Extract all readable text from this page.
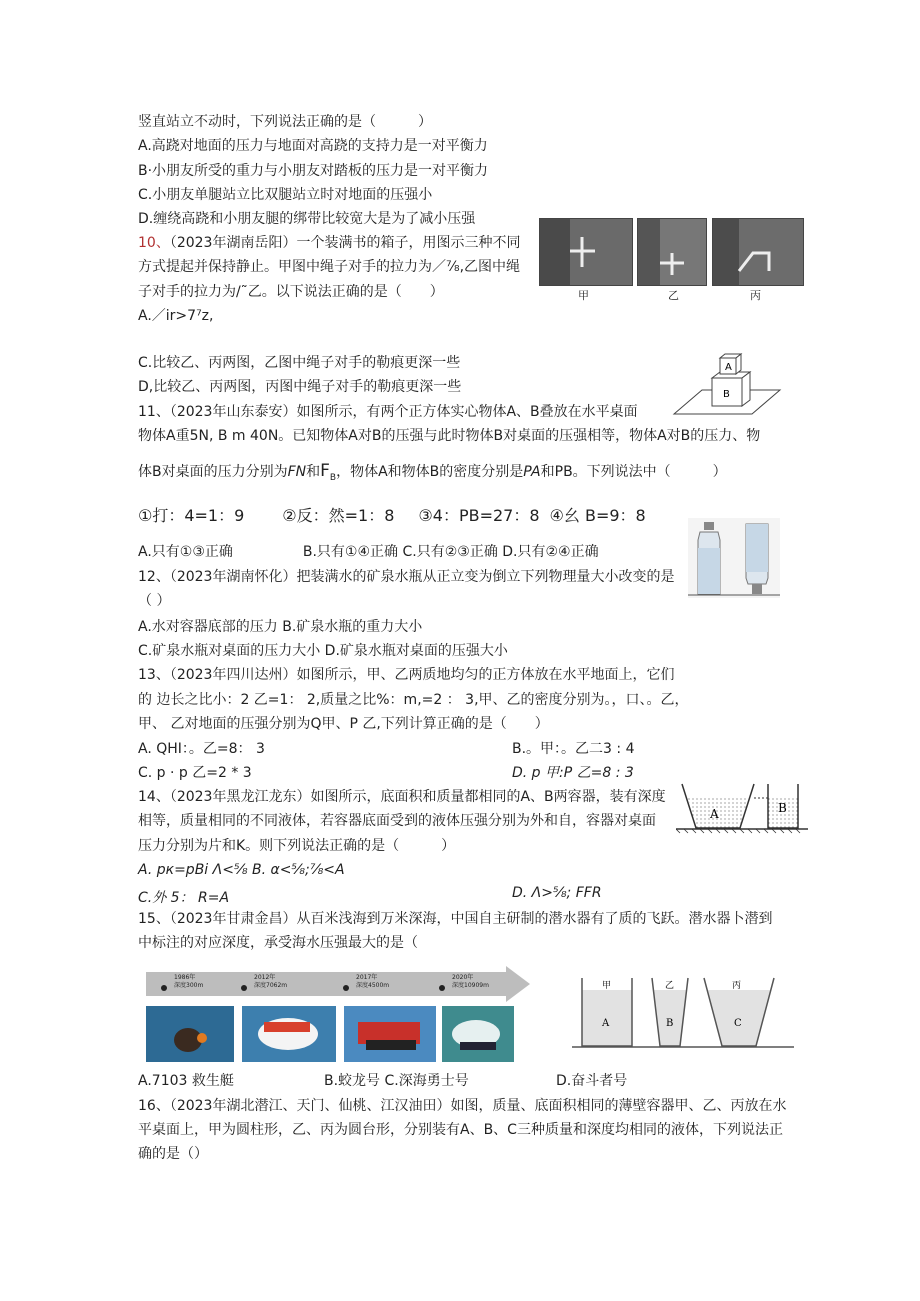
竖直站立不动时，下列说法正确的是（　　　）
A.高跷对地面的压力与地面对高跷的支持力是一对平衡力
B·小朋友所受的重力与小朋友对踏板的压力是一对平衡力
C.小朋友单腿站立比双腿站立时对地面的压强小
D.缠绕高跷和小朋友腿的绑带比较宽大是为了减小压强
10、（2023年湖南岳阳）一个装满书的箱子，用图示三种不同
方式提起并保持静止。甲图中绳子对手的拉力为／⅞,乙图中绳
子对手的拉力为/˜乙。以下说法正确的是（　　）
A.／ⅰr>7⁷z,
甲	乙	丙
C.比较乙、丙两图，乙图中绳子对手的勒痕更深一些
D,比较乙、丙两图，丙图中绳子对手的勒痕更深一些
A
B
11、（2023年山东泰安）如图所示，有两个正方体实心物体A、B叠放在水平桌面
物体A重5N, B m 40N。已知物体A对B的压强与此时物体B对桌面的压强相等，物体A对B的压力、物
体B对桌面的压力分别为FN和$F_B$，物体A和物体B的密度分别是PA和PB。下列说法中（　　　）
①打：4=1：9 ②反：然=1：8 ③4：PB=27：8 ④幺 B=9：8
A.只有①③正确　　　　　B.只有①④正确 C.只有②③正确 D.只有②④正确
12、（2023年湖南怀化）把装满水的矿泉水瓶从正立变为倒立下列物理量大小改变的是
（ ）
A.水对容器底部的压力 B.矿泉水瓶的重力大小
C.矿泉水瓶对桌面的压力大小 D.矿泉水瓶对桌面的压强大小
13、（2023年四川达州）如图所示，甲、乙两质地均匀的正方体放在水平地面上，它们
的 边长之比小：2 乙=1： 2,质量之比%：m,=2 ： 3,甲、乙的密度分别为。，口、。乙，
甲、 乙对地面的压强分别为Q甲、P 乙,下列计算正确的是（　　）
A. QHI：。乙=8： 3	B.。甲：。乙二3 : 4
C. p · p 乙=2 * 3	D. p 甲:P 乙=8 : 3
A	B
14、（2023年黑龙江龙东）如图所示，底面积和质量都相同的A、B两容器，装有深度
相等，质量相同的不同液体，若容器底面受到的液体压强分别为外和自，容器对桌面
压力分别为片和K。则下列说法正确的是（　　　）
A. pк=pBi Λ<⅝ B. α<⅝;⅞<A
C.外 5： R=A	D. Λ>⅝; FFR
15、（2023年甘肃金昌）从百米浅海到万米深海，中国自主研制的潜水器有了质的飞跃。潜水器卜潜到
中标注的对应深度，承受海水压强最大的是（
1986年
深度300m
2012年
深度7062m
2017年
深度4500m
2020年
深度10909m	甲
A
乙
B
丙
C
A.7103 救生艇	B.蛟龙号 C.深海勇士号	D.奋斗者号
16、（2023年湖北潜江、天门、仙桃、江汉油田）如图，质量、底面积相同的薄壁容器甲、乙、丙放在水
平桌面上，甲为圆柱形，乙、丙为圆台形，分别装有A、B、C三种质量和深度均相同的液体，下列说法正
确的是（）
